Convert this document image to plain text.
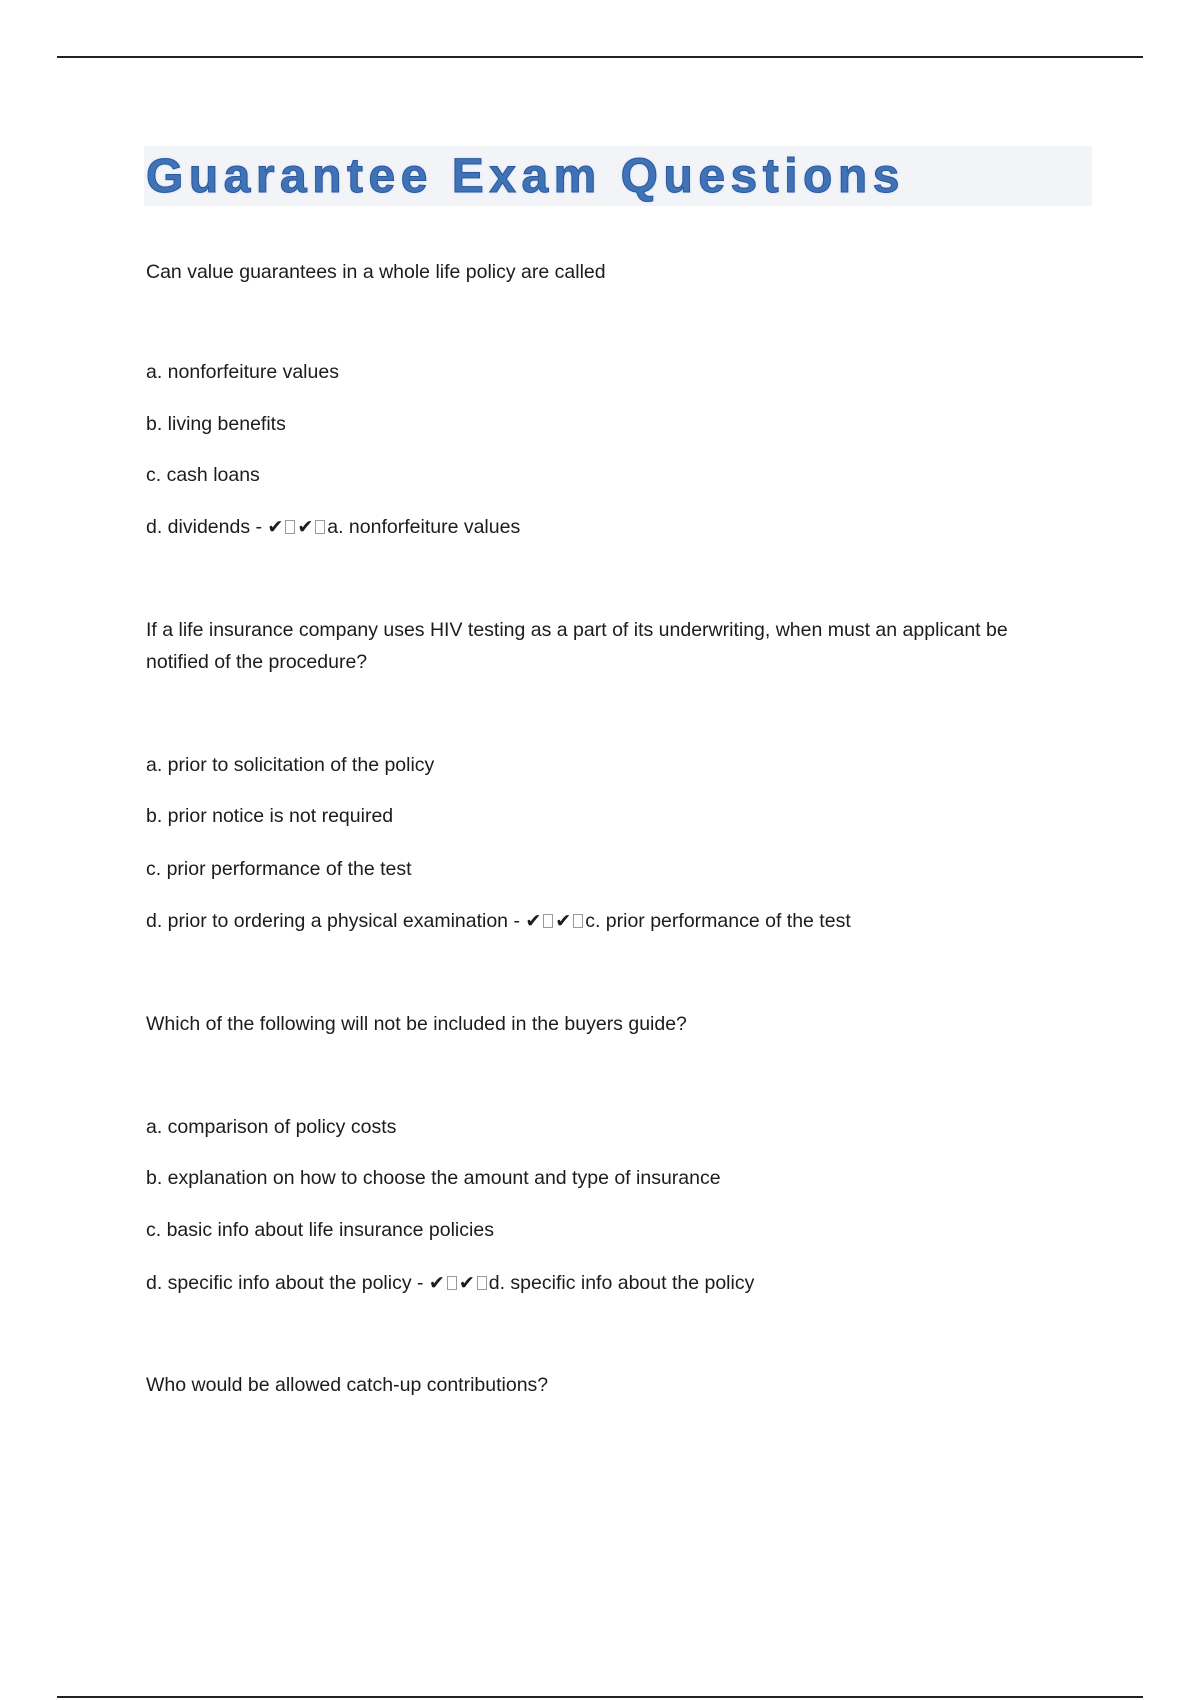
Guarantee Exam Questions

Can value guarantees in a whole life policy are called

a. nonforfeiture values

b. living benefits

c. cash loans

d. dividends - ✔ ✔ a. nonforfeiture values

If a life insurance company uses HIV testing as a part of its underwriting, when must an applicant be notified of the procedure?

a. prior to solicitation of the policy

b. prior notice is not required

c. prior performance of the test

d. prior to ordering a physical examination - ✔ ✔ c. prior performance of the test

Which of the following will not be included in the buyers guide?

a. comparison of policy costs

b. explanation on how to choose the amount and type of insurance

c. basic info about life insurance policies

d. specific info about the policy - ✔ ✔ d. specific info about the policy

Who would be allowed catch-up contributions?
